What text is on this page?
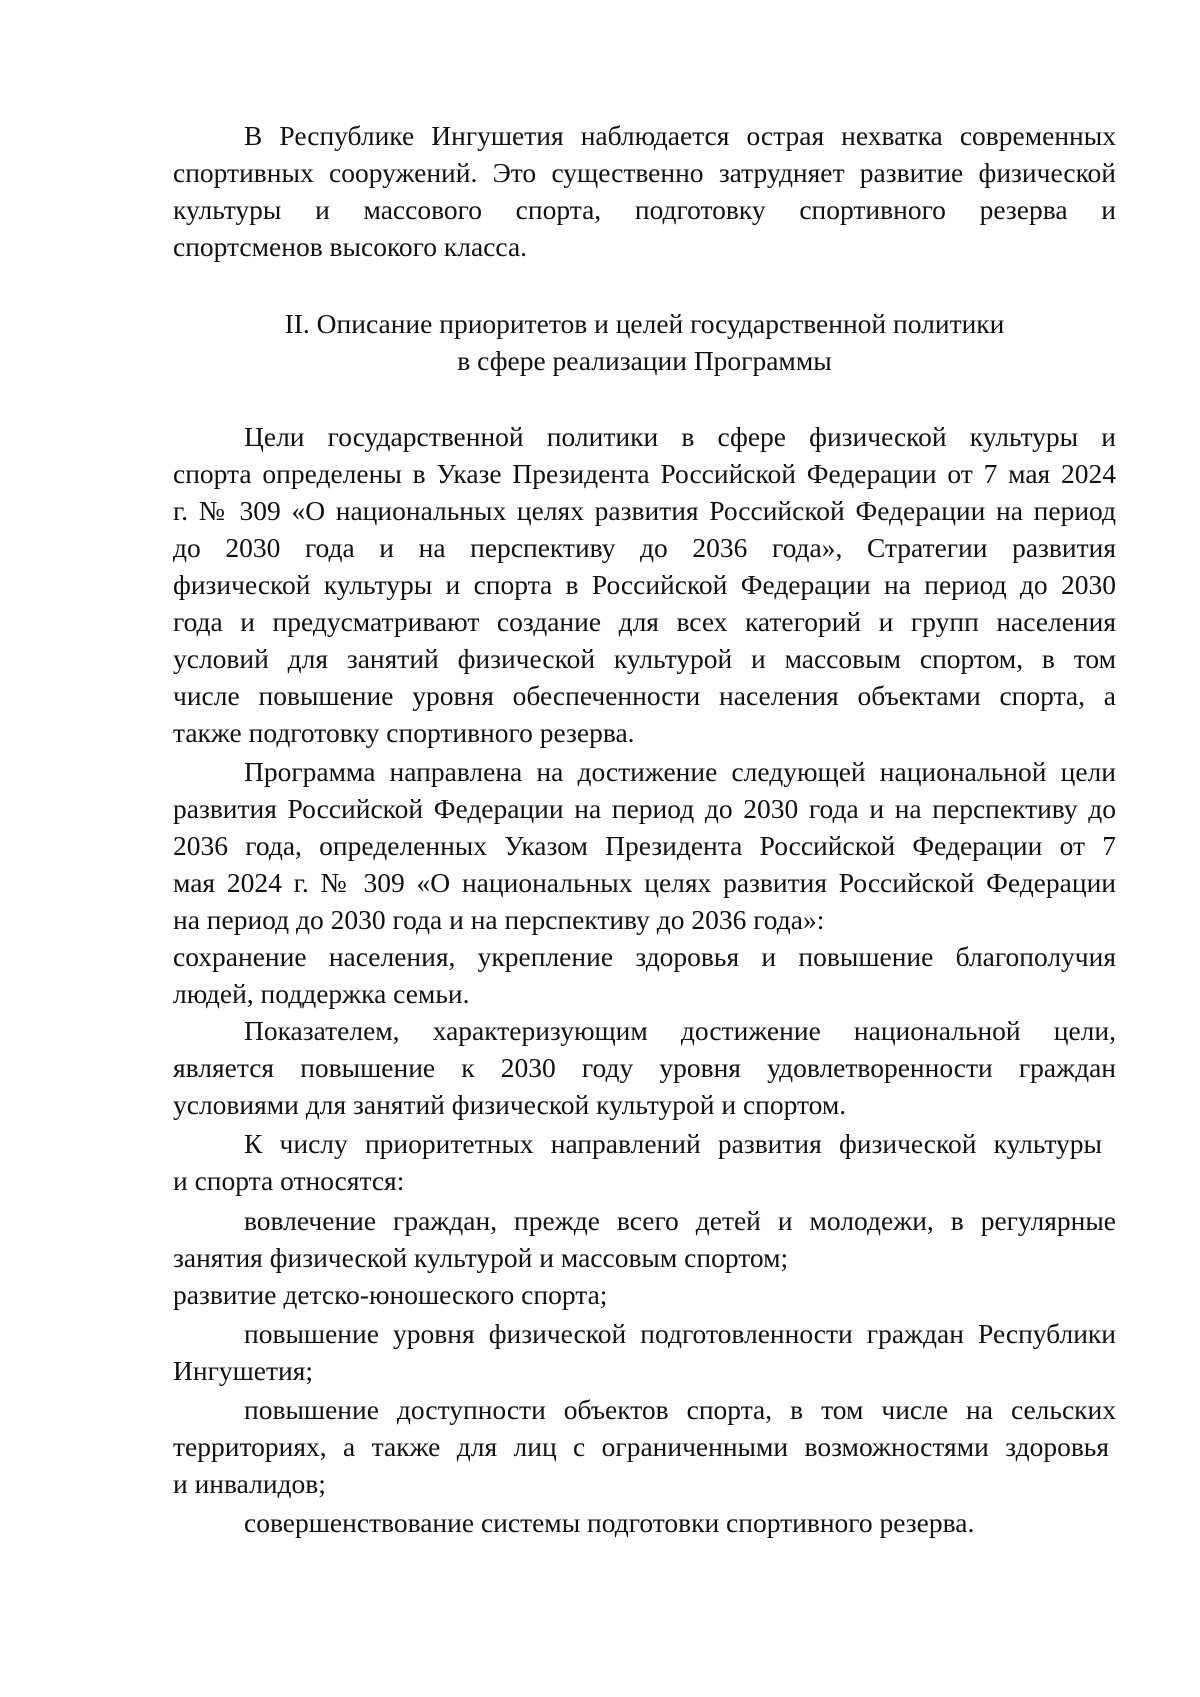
В Республике Ингушетия наблюдается острая нехватка современных
спортивных сооружений. Это существенно затрудняет развитие физической
культуры и массового спорта, подготовку спортивного резерва и
спортсменов высокого класса.
II. Описание приоритетов и целей государственной политики
в сфере реализации Программы
Цели государственной политики в сфере физической культуры и
спорта определены в Указе Президента Российской Федерации от 7 мая 2024
г. № 309 «О национальных целях развития Российской Федерации на период
до 2030 года и на перспективу до 2036 года», Стратегии развития
физической культуры и спорта в Российской Федерации на период до 2030
года и предусматривают создание для всех категорий и групп населения
условий для занятий физической культурой и массовым спортом, в том
числе повышение уровня обеспеченности населения объектами спорта, а
также подготовку спортивного резерва.
Программа направлена на достижение следующей национальной цели
развития Российской Федерации на период до 2030 года и на перспективу до
2036 года, определенных Указом Президента Российской Федерации от 7
мая 2024 г. № 309 «О национальных целях развития Российской Федерации
на период до 2030 года и на перспективу до 2036 года»:
сохранение населения, укрепление здоровья и повышение благополучия
людей, поддержка семьи.
Показателем, характеризующим достижение национальной цели,
является повышение к 2030 году уровня удовлетворенности граждан
условиями для занятий физической культурой и спортом.
К числу приоритетных направлений развития физической культуры
и спорта относятся:
вовлечение граждан, прежде всего детей и молодежи, в регулярные
занятия физической культурой и массовым спортом;
развитие детско-юношеского спорта;
повышение уровня физической подготовленности граждан Республики
Ингушетия;
повышение доступности объектов спорта, в том числе на сельских
территориях, а также для лиц с ограниченными возможностями здоровья
и инвалидов;
совершенствование системы подготовки спортивного резерва.
